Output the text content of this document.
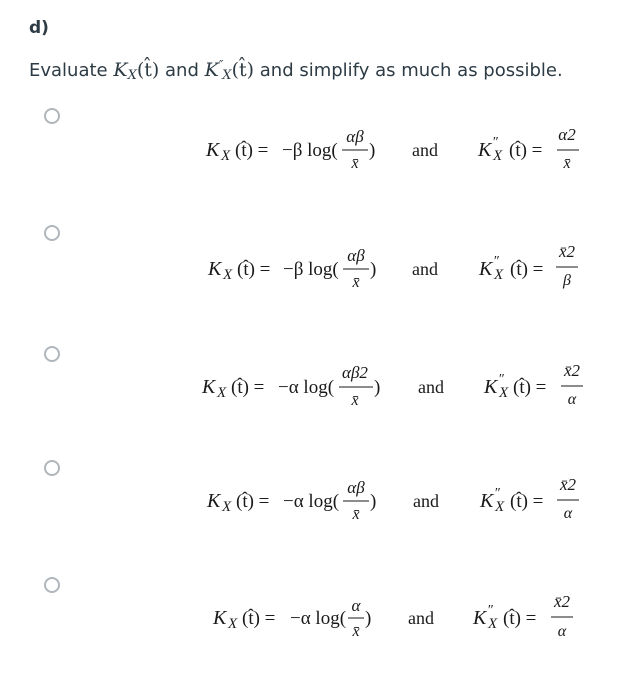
d)
Evaluate $K_X(t̂)$ and $K''_X(t̂)$ and simplify as much as possible.
K X (t̂) = −β log(
αβ
x̄
) and K ″
X (t̂) =
α2
x̄
K X (t̂) = −β log(
αβ
x̄
) and K ″
X (t̂) =
x̄2
β
K X (t̂) = −α log(
αβ2
x̄
) and K ″
X (t̂) =
x̄2
α
K X (t̂) = −α log(
αβ
x̄
) and K ″
X (t̂) =
x̄2
α
K X (t̂) = −α log(
α
x̄
) and K ″
X (t̂) =
x̄2
α
